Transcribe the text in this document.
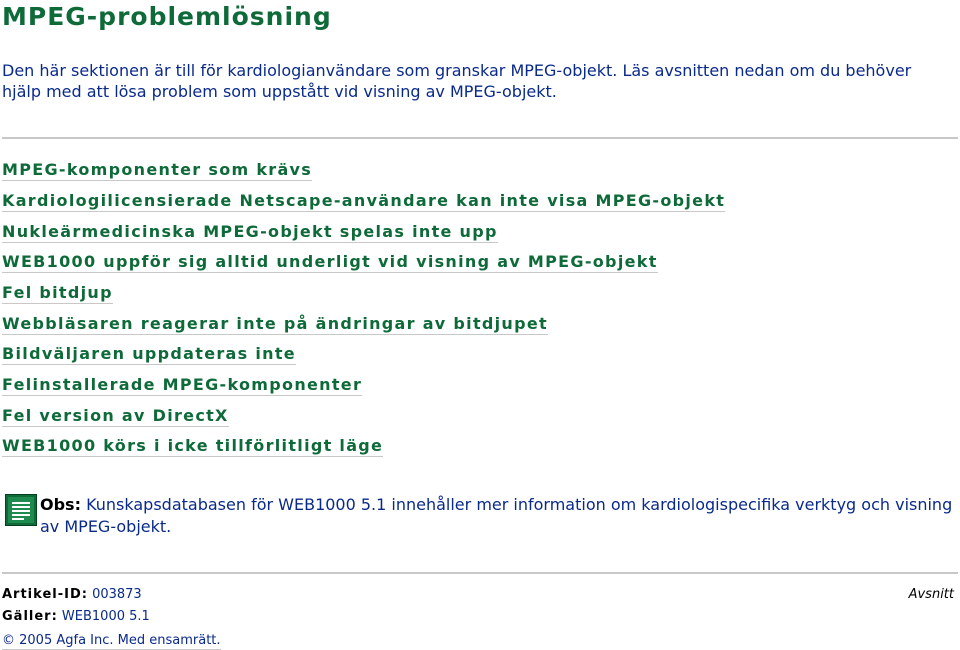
MPEG-problemlösning
Den här sektionen är till för kardiologianvändare som granskar MPEG-objekt. Läs avsnitten nedan om du behöver hjälp med att lösa problem som uppstått vid visning av MPEG-objekt.
MPEG-komponenter som krävs
Kardiologilicensierade Netscape-användare kan inte visa MPEG-objekt
Nukleärmedicinska MPEG-objekt spelas inte upp
WEB1000 uppför sig alltid underligt vid visning av MPEG-objekt
Fel bitdjup
Webbläsaren reagerar inte på ändringar av bitdjupet
Bildväljaren uppdateras inte
Felinstallerade MPEG-komponenter
Fel version av DirectX
WEB1000 körs i icke tillförlitligt läge
Obs: Kunskapsdatabasen för WEB1000 5.1 innehåller mer information om kardiologispecifika verktyg och visning av MPEG-objekt.
Artikel-ID: 003873
Gäller: WEB1000 5.1
Avsnitt
© 2005 Agfa Inc. Med ensamrätt.
